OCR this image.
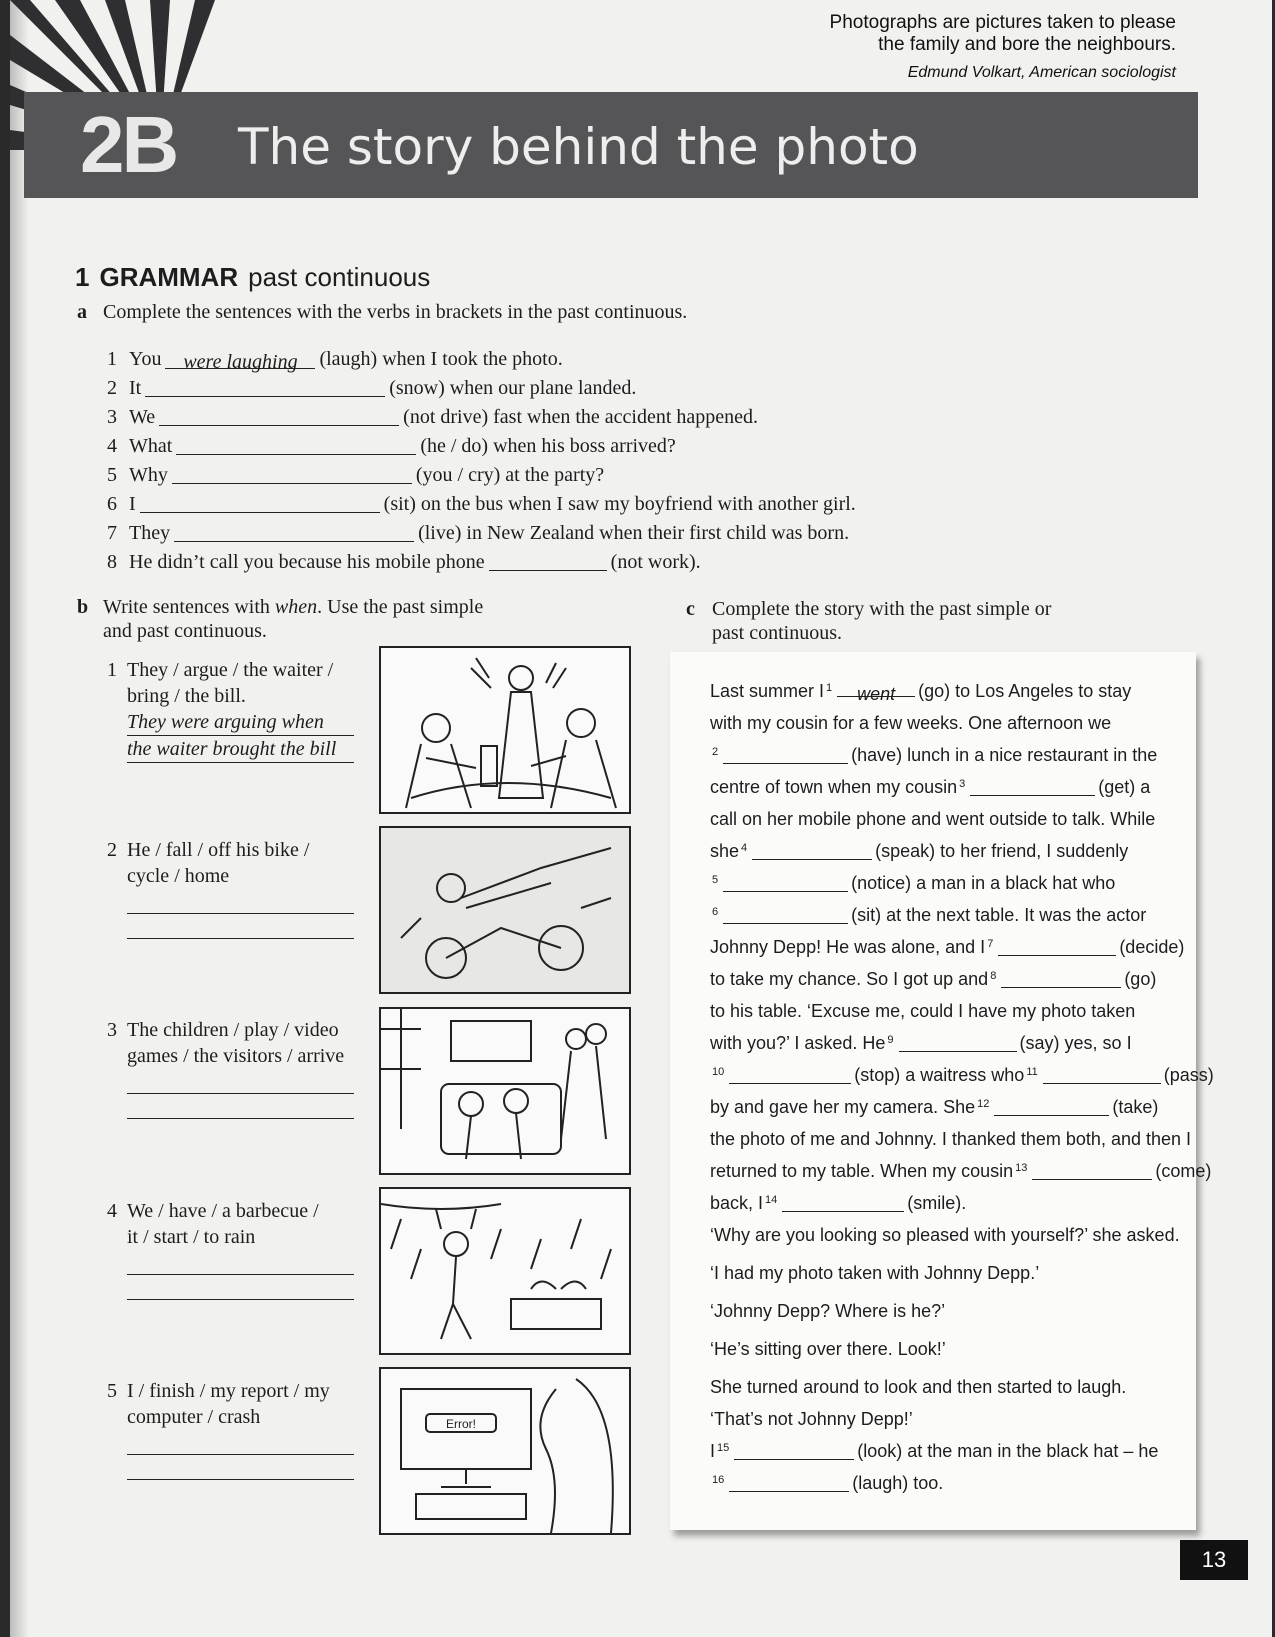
Photographs are pictures taken to please
the family and bore the neighbours.
Edmund Volkart, American sociologist
2B The story behind the photo
1 GRAMMAR past continuous
a Complete the sentences with the verbs in brackets in the past continuous.
1 You were laughing (laugh) when I took the photo.
2 It	(snow) when our plane landed.
3 We	(not drive) fast when the accident happened.
4 What	(he / do) when his boss arrived?
5 Why	(you / cry) at the party?
6 I	(sit) on the bus when I saw my boyfriend with another girl.
7 They	(live) in New Zealand when their first child was born.
8 He didn’t call you because his mobile phone	(not work).
b Write sentences with when. Use the past simple
and past continuous.
1 They / argue / the waiter /
bring / the bill.
They were arguing when
the waiter brought the bill
2 He / fall / off his bike /
cycle / home
3 The children / play / video
games / the visitors / arrive
4 We / have / a barbecue /
it / start / to rain
5 I / finish / my report / my
computer / crash	Error!
c Complete the story with the past simple or
past continuous.
Last summer I $^1$ went (go) to Los Angeles to stay
with my cousin for a few weeks. One afternoon we
$^2$	(have) lunch in a nice restaurant in the
centre of town when my cousin $^3$	(get) a
call on her mobile phone and went outside to talk. While
she $^4$	(speak) to her friend, I suddenly
$^5$	(notice) a man in a black hat who
$^6$	(sit) at the next table. It was the actor
Johnny Depp! He was alone, and I $^7$	(decide)
to take my chance. So I got up and $^8$	(go)
to his table. ‘Excuse me, could I have my photo taken
with you?’ I asked. He $^9$	(say) yes, so I
$^{10}$	(stop) a waitress who $^{11}$	(pass)
by and gave her my camera. She $^{12}$	(take)
the photo of me and Johnny. I thanked them both, and then I
returned to my table. When my cousin $^{13}$	(come)
back, I $^{14}$	(smile).
‘Why are you looking so pleased with yourself?’ she asked.
‘I had my photo taken with Johnny Depp.’
‘Johnny Depp? Where is he?’
‘He’s sitting over there. Look!’
She turned around to look and then started to laugh.
‘That’s not Johnny Depp!’
I $^{15}$	(look) at the man in the black hat – he
$^{16}$	(laugh) too.
13
